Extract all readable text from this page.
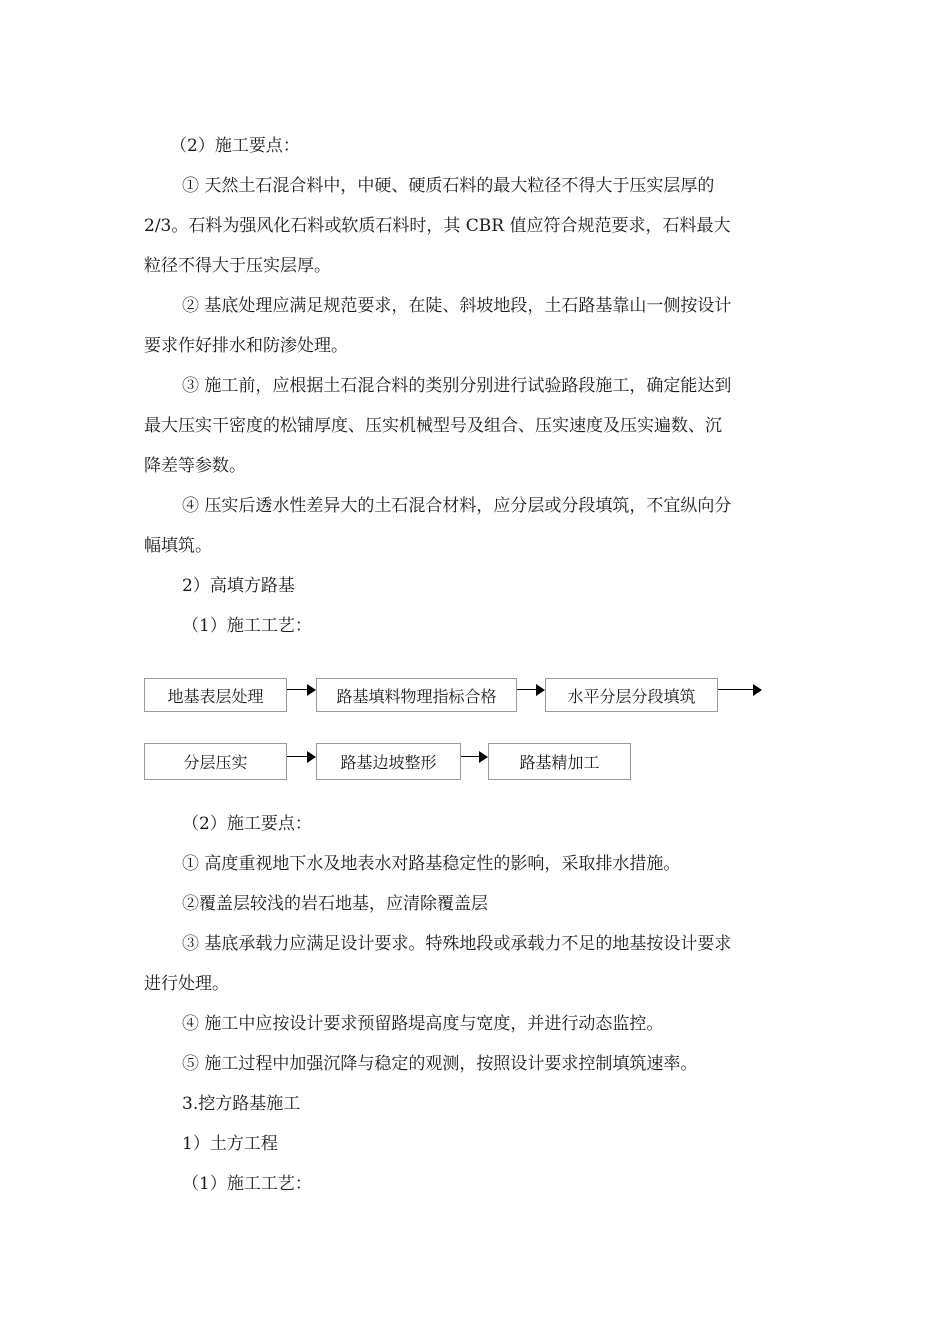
（2）施工要点：
① 天然土石混合料中，中硬、硬质石料的最大粒径不得大于压实层厚的
2/3。石料为强风化石料或软质石料时，其 CBR 值应符合规范要求，石料最大
粒径不得大于压实层厚。
② 基底处理应满足规范要求，在陡、斜坡地段，土石路基靠山一侧按设计
要求作好排水和防渗处理。
③ 施工前，应根据土石混合料的类别分别进行试验路段施工，确定能达到
最大压实干密度的松铺厚度、压实机械型号及组合、压实速度及压实遍数、沉
降差等参数。
④ 压实后透水性差异大的土石混合材料，应分层或分段填筑，不宜纵向分
幅填筑。
2）高填方路基
（1）施工工艺：
地基表层处理	路基填料物理指标合格	水平分层分段填筑
分层压实	路基边坡整形	路基精加工
（2）施工要点：
① 高度重视地下水及地表水对路基稳定性的影响，采取排水措施。
②覆盖层较浅的岩石地基，应清除覆盖层
③ 基底承载力应满足设计要求。特殊地段或承载力不足的地基按设计要求
进行处理。
④ 施工中应按设计要求预留路堤高度与宽度，并进行动态监控。
⑤ 施工过程中加强沉降与稳定的观测，按照设计要求控制填筑速率。
3.挖方路基施工
1）土方工程
（1）施工工艺：
